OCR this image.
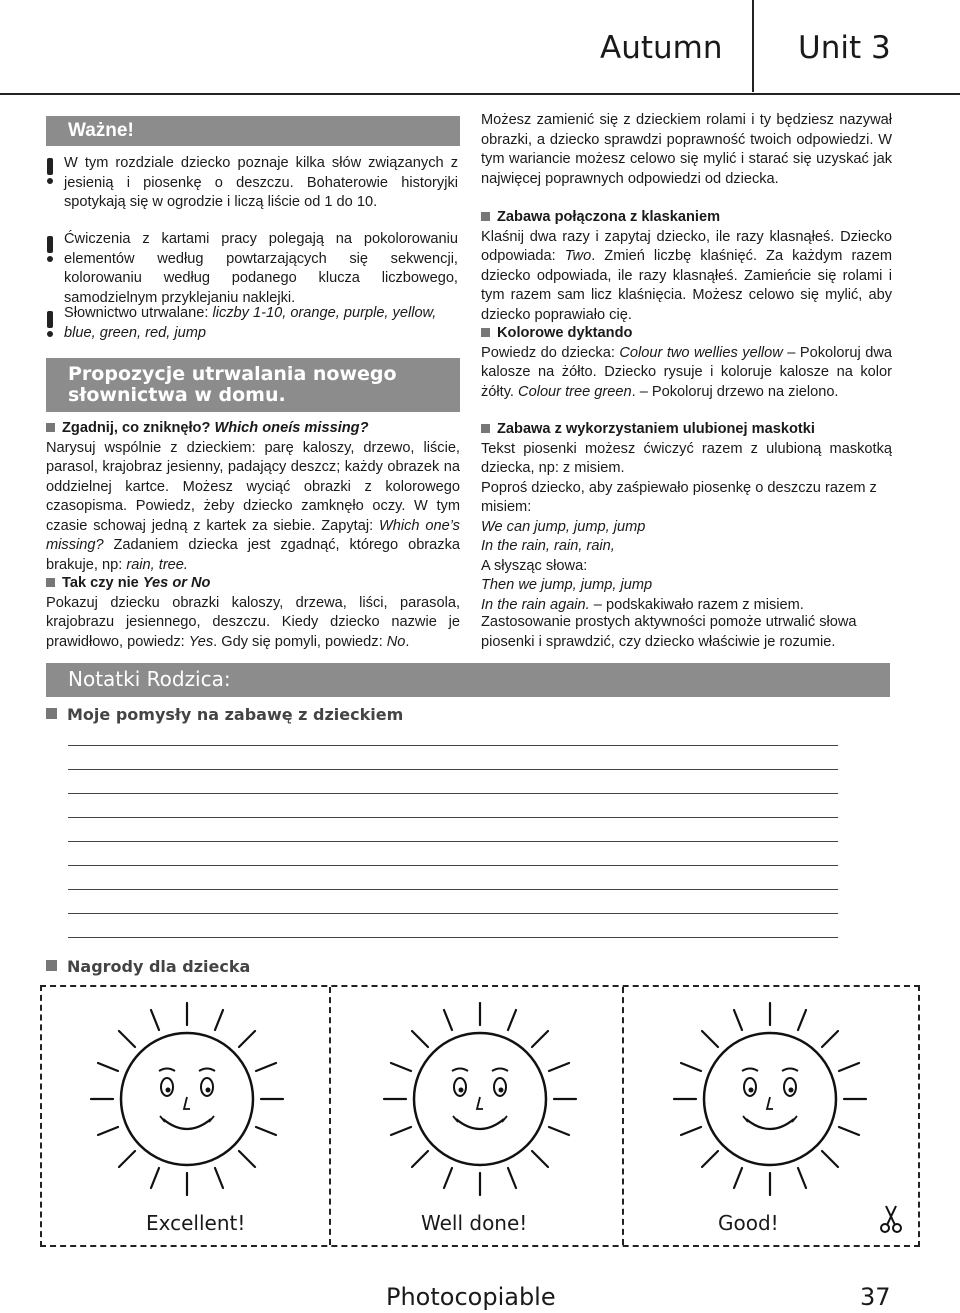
Autumn Unit 3
Ważne!

W tym rozdziale dziecko poznaje kilka słów związanych z jesienią i piosenkę o deszczu. Bohaterowie historyjki spotykają się w ogrodzie i liczą liście od 1 do 10.

Ćwiczenia z kartami pracy polegają na pokolorowaniu elementów według powtarzających się sekwencji, kolorowaniu według podanego klucza liczbowego, samodzielnym przyklejaniu naklejki.

Słownictwo utrwalane: liczby 1-10, orange, purple, yellow, blue, green, red, jump

Propozycje utrwalania nowego słownictwa w domu.

Zgadnij, co zniknęło? Which oneís missing?

Narysuj wspólnie z dzieckiem: parę kaloszy, drzewo, liście, parasol, krajobraz jesienny, padający deszcz; każdy obrazek na oddzielnej kartce. Możesz wyciąć obrazki z kolorowego czasopisma. Powiedz, żeby dziecko zamknęło oczy. W tym czasie schowaj jedną z kartek za siebie. Zapytaj: Which one’s missing? Zadaniem dziecka jest zgadnąć, którego obrazka brakuje, np: rain, tree.

Tak czy nie Yes or No

Pokazuj dziecku obrazki kaloszy, drzewa, liści, parasola, krajobrazu jesiennego, deszczu. Kiedy dziecko nazwie je prawidłowo, powiedz: Yes. Gdy się pomyli, powiedz: No.

Możesz zamienić się z dzieckiem rolami i ty będziesz nazywał obrazki, a dziecko sprawdzi poprawność twoich odpowiedzi. W tym wariancie możesz celowo się mylić i starać się uzyskać jak najwięcej poprawnych odpowiedzi od dziecka.

Zabawa połączona z klaskaniem

Klaśnij dwa razy i zapytaj dziecko, ile razy klasnąłeś. Dziecko odpowiada: Two. Zmień liczbę klaśnięć. Za każdym razem dziecko odpowiada, ile razy klasnąłeś. Zamieńcie się rolami i tym razem sam licz klaśnięcia. Możesz celowo się mylić, aby dziecko poprawiało cię.

Kolorowe dyktando

Powiedz do dziecka: Colour two wellies yellow – Pokoloruj dwa kalosze na żółto. Dziecko rysuje i koloruje kalosze na kolor żółty. Colour tree green. – Pokoloruj drzewo na zielono.

Zabawa z wykorzystaniem ulubionej maskotki

Tekst piosenki możesz ćwiczyć razem z ulubioną maskotką dziecka, np: z misiem.

Poproś dziecko, aby zaśpiewało piosenkę o deszczu razem z misiem:

We can jump, jump, jump

In the rain, rain, rain,

A słysząc słowa:

Then we jump, jump, jump

In the rain again. – podskakiwało razem z misiem.

Zastosowanie prostych aktywności pomoże utrwalić słowa piosenki i sprawdzić, czy dziecko właściwie je rozumie.

Notatki Rodzica:
Moje pomysły na zabawę z dzieckiem
Nagrody dla dziecka
Excellent!	Well done!	Good!
Photocopiable	37
